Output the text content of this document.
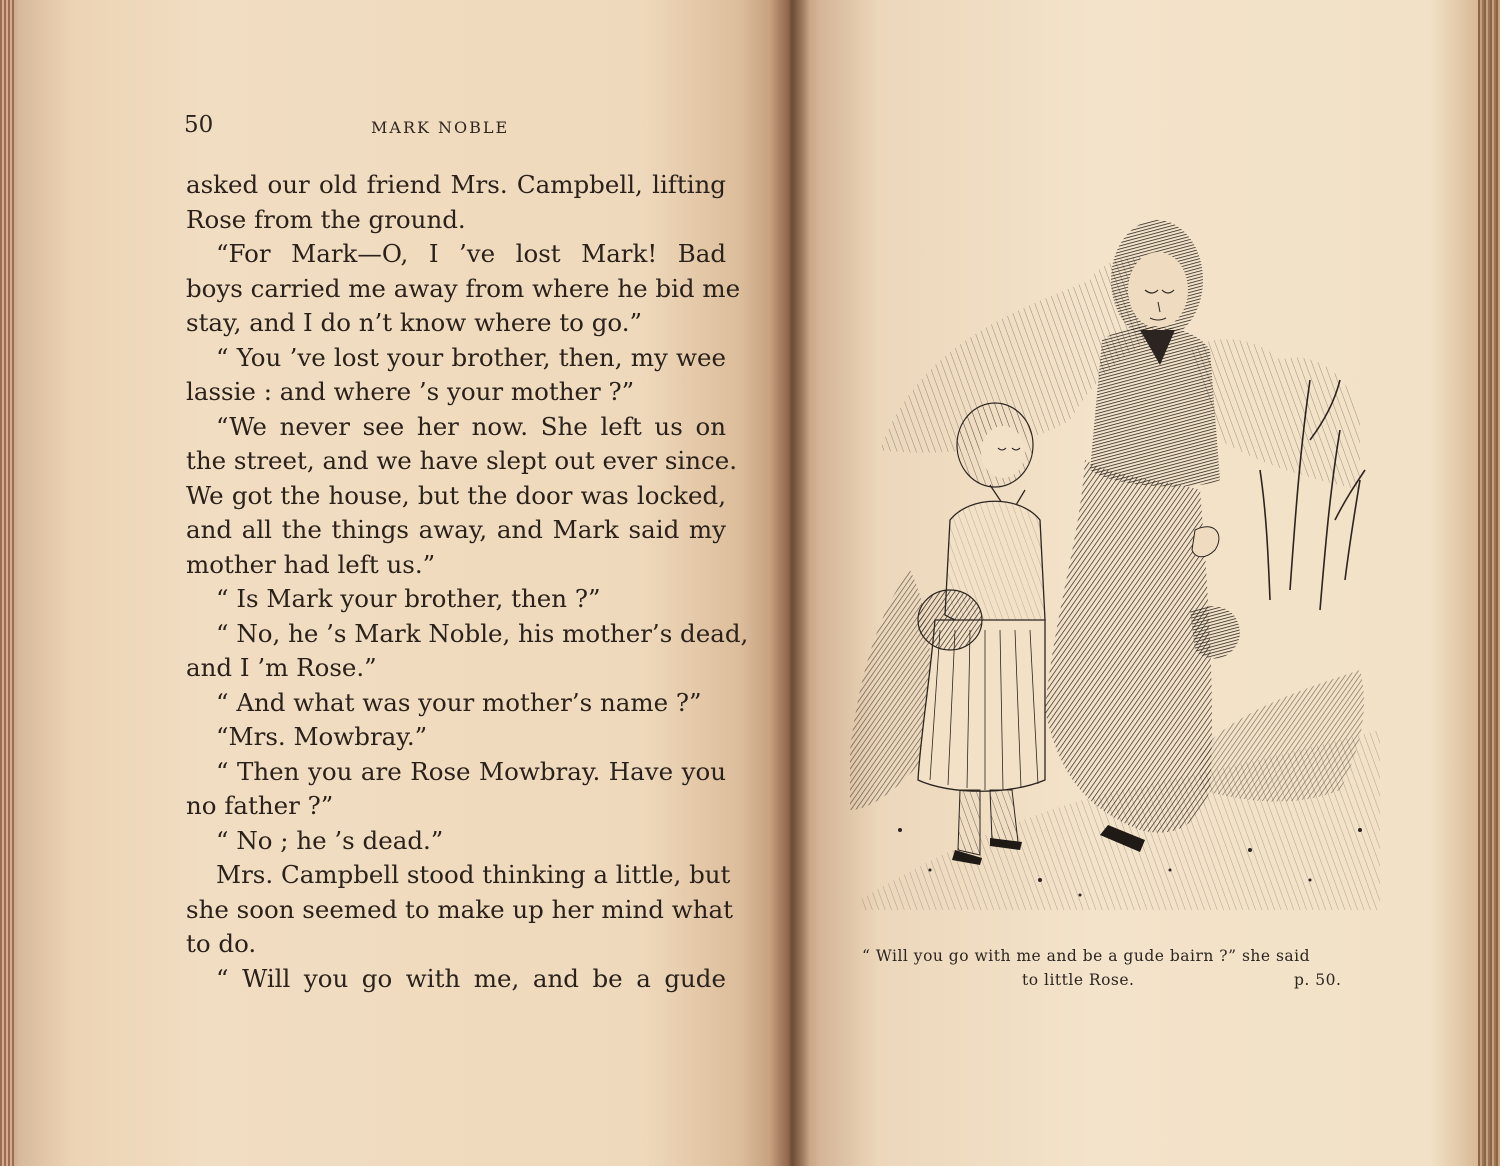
50	MARK NOBLE
asked our old friend Mrs. Campbell, lifting
Rose from the ground.
“For Mark—O, I ’ve lost Mark! Bad
boys carried me away from where he bid me
stay, and I do n’t know where to go.”
“ You ’ve lost your brother, then, my wee
lassie : and where ’s your mother ?”
“We never see her now. She left us on
the street, and we have slept out ever since.
We got the house, but the door was locked,
and all the things away, and Mark said my
mother had left us.”
“ Is Mark your brother, then ?”
“ No, he ’s Mark Noble, his mother’s dead,
and I ’m Rose.”
“ And what was your mother’s name ?”
“Mrs. Mowbray.”
“ Then you are Rose Mowbray. Have you
no father ?”
“ No ; he ’s dead.”
Mrs. Campbell stood thinking a little, but
she soon seemed to make up her mind what
to do.
“ Will you go with me, and be a gude
“ Will you go with me and be a gude bairn ?” she said
to little Rose.	p. 50.
